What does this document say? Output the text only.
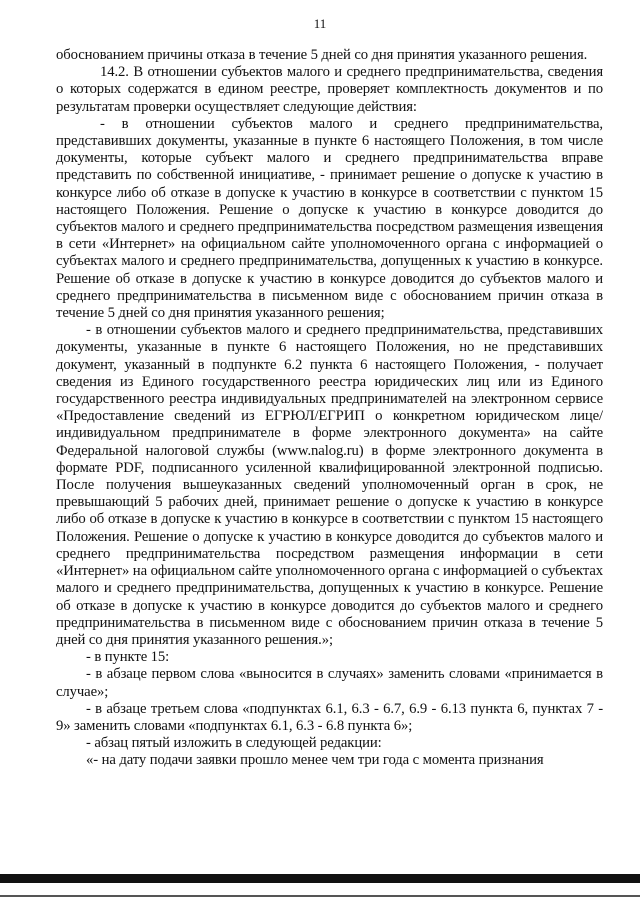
11

обоснованием причины отказа в течение 5 дней со дня принятия указанного решения.

14.2. В отношении субъектов малого и среднего предпринимательства, сведения о которых содержатся в едином реестре, проверяет комплектность документов и по результатам проверки осуществляет следующие действия:

- в отношении субъектов малого и среднего предпринимательства, представивших документы, указанные в пункте 6 настоящего Положения, в том числе документы, которые субъект малого и среднего предпринимательства вправе представить по собственной инициативе, - принимает решение о допуске к участию в конкурсе либо об отказе в допуске к участию в конкурсе в соответствии с пунктом 15 настоящего Положения. Решение о допуске к участию в конкурсе доводится до субъектов малого и среднего предпринимательства посредством размещения извещения в сети «Интернет» на официальном сайте уполномоченного органа с информацией о субъектах малого и среднего предпринимательства, допущенных к участию в конкурсе. Решение об отказе в допуске к участию в конкурсе доводится до субъектов малого и среднего предпринимательства в письменном виде с обоснованием причин отказа в течение 5 дней со дня принятия указанного решения;

- в отношении субъектов малого и среднего предпринимательства, представивших документы, указанные в пункте 6 настоящего Положения, но не представивших документ, указанный в подпункте 6.2 пункта 6 настоящего Положения, - получает сведения из Единого государственного реестра юридических лиц или из Единого государственного реестра индивидуальных предпринимателей на электронном сервисе «Предоставление сведений из ЕГРЮЛ/ЕГРИП о конкретном юридическом лице/индивидуальном предпринимателе в форме электронного документа» на сайте Федеральной налоговой службы (www.nalog.ru) в форме электронного документа в формате PDF, подписанного усиленной квалифицированной электронной подписью. После получения вышеуказанных сведений уполномоченный орган в срок, не превышающий 5 рабочих дней, принимает решение о допуске к участию в конкурсе либо об отказе в допуске к участию в конкурсе в соответствии с пунктом 15 настоящего Положения. Решение о допуске к участию в конкурсе доводится до субъектов малого и среднего предпринимательства посредством размещения информации в сети «Интернет» на официальном сайте уполномоченного органа с информацией о субъектах малого и среднего предпринимательства, допущенных к участию в конкурсе. Решение об отказе в допуске к участию в конкурсе доводится до субъектов малого и среднего предпринимательства в письменном виде с обоснованием причин отказа в течение 5 дней со дня принятия указанного решения.»;

- в пункте 15:

- в абзаце первом слова «выносится в случаях» заменить словами «принимается в случае»;

- в абзаце третьем слова «подпунктах 6.1, 6.3 - 6.7, 6.9 - 6.13 пункта 6, пунктах 7 - 9» заменить словами «подпунктах 6.1, 6.3 - 6.8 пункта 6»;

- абзац пятый изложить в следующей редакции:

«- на дату подачи заявки прошло менее чем три года с момента признания
